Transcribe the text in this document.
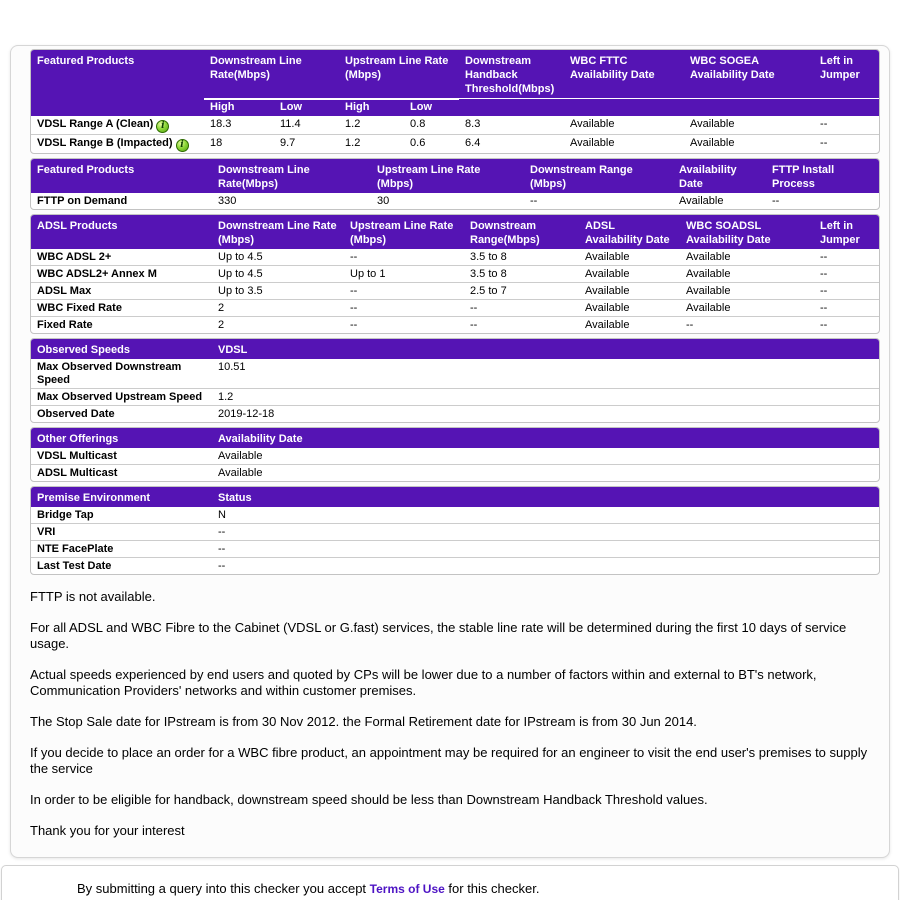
Featured Products	Downstream Line Rate(Mbps)		Upstream Line Rate (Mbps)		Downstream Handback Threshold(Mbps)	WBC FTTC Availability Date	WBC SOGEA Availability Date	Left in Jumper
	High	Low	High	Low				
VDSL Range A (Clean) i	18.3	11.4	1.2	0.8	8.3	Available	Available	--
VDSL Range B (Impacted) i	18	9.7	1.2	0.6	6.4	Available	Available	--
Featured Products	Downstream Line Rate(Mbps)	Upstream Line Rate (Mbps)	Downstream Range (Mbps)	Availability Date	FTTP Install Process
FTTP on Demand	330	30	--	Available	--
ADSL Products	Downstream Line Rate (Mbps)	Upstream Line Rate (Mbps)	Downstream Range(Mbps)	ADSL Availability Date	WBC SOADSL Availability Date	Left in Jumper
WBC ADSL 2+	Up to 4.5	--	3.5 to 8	Available	Available	--
WBC ADSL2+ Annex M	Up to 4.5	Up to 1	3.5 to 8	Available	Available	--
ADSL Max	Up to 3.5	--	2.5 to 7	Available	Available	--
WBC Fixed Rate	2	--	--	Available	Available	--
Fixed Rate	2	--	--	Available	--	--
Observed Speeds	VDSL
Max Observed Downstream Speed	10.51
Max Observed Upstream Speed	1.2
Observed Date	2019-12-18
Other Offerings	Availability Date
VDSL Multicast	Available
ADSL Multicast	Available
Premise Environment	Status
Bridge Tap	N
VRI	--
NTE FacePlate	--
Last Test Date	--

FTTP is not available.

For all ADSL and WBC Fibre to the Cabinet (VDSL or G.fast) services, the stable line rate will be determined during the first 10 days of service usage.

Actual speeds experienced by end users and quoted by CPs will be lower due to a number of factors within and external to BT's network, Communication Providers' networks and within customer premises.

The Stop Sale date for IPstream is from 30 Nov 2012. the Formal Retirement date for IPstream is from 30 Jun 2014.

If you decide to place an order for a WBC fibre product, an appointment may be required for an engineer to visit the end user's premises to supply the service

In order to be eligible for handback, downstream speed should be less than Downstream Handback Threshold values.

Thank you for your interest

By submitting a query into this checker you accept Terms of Use for this checker.
